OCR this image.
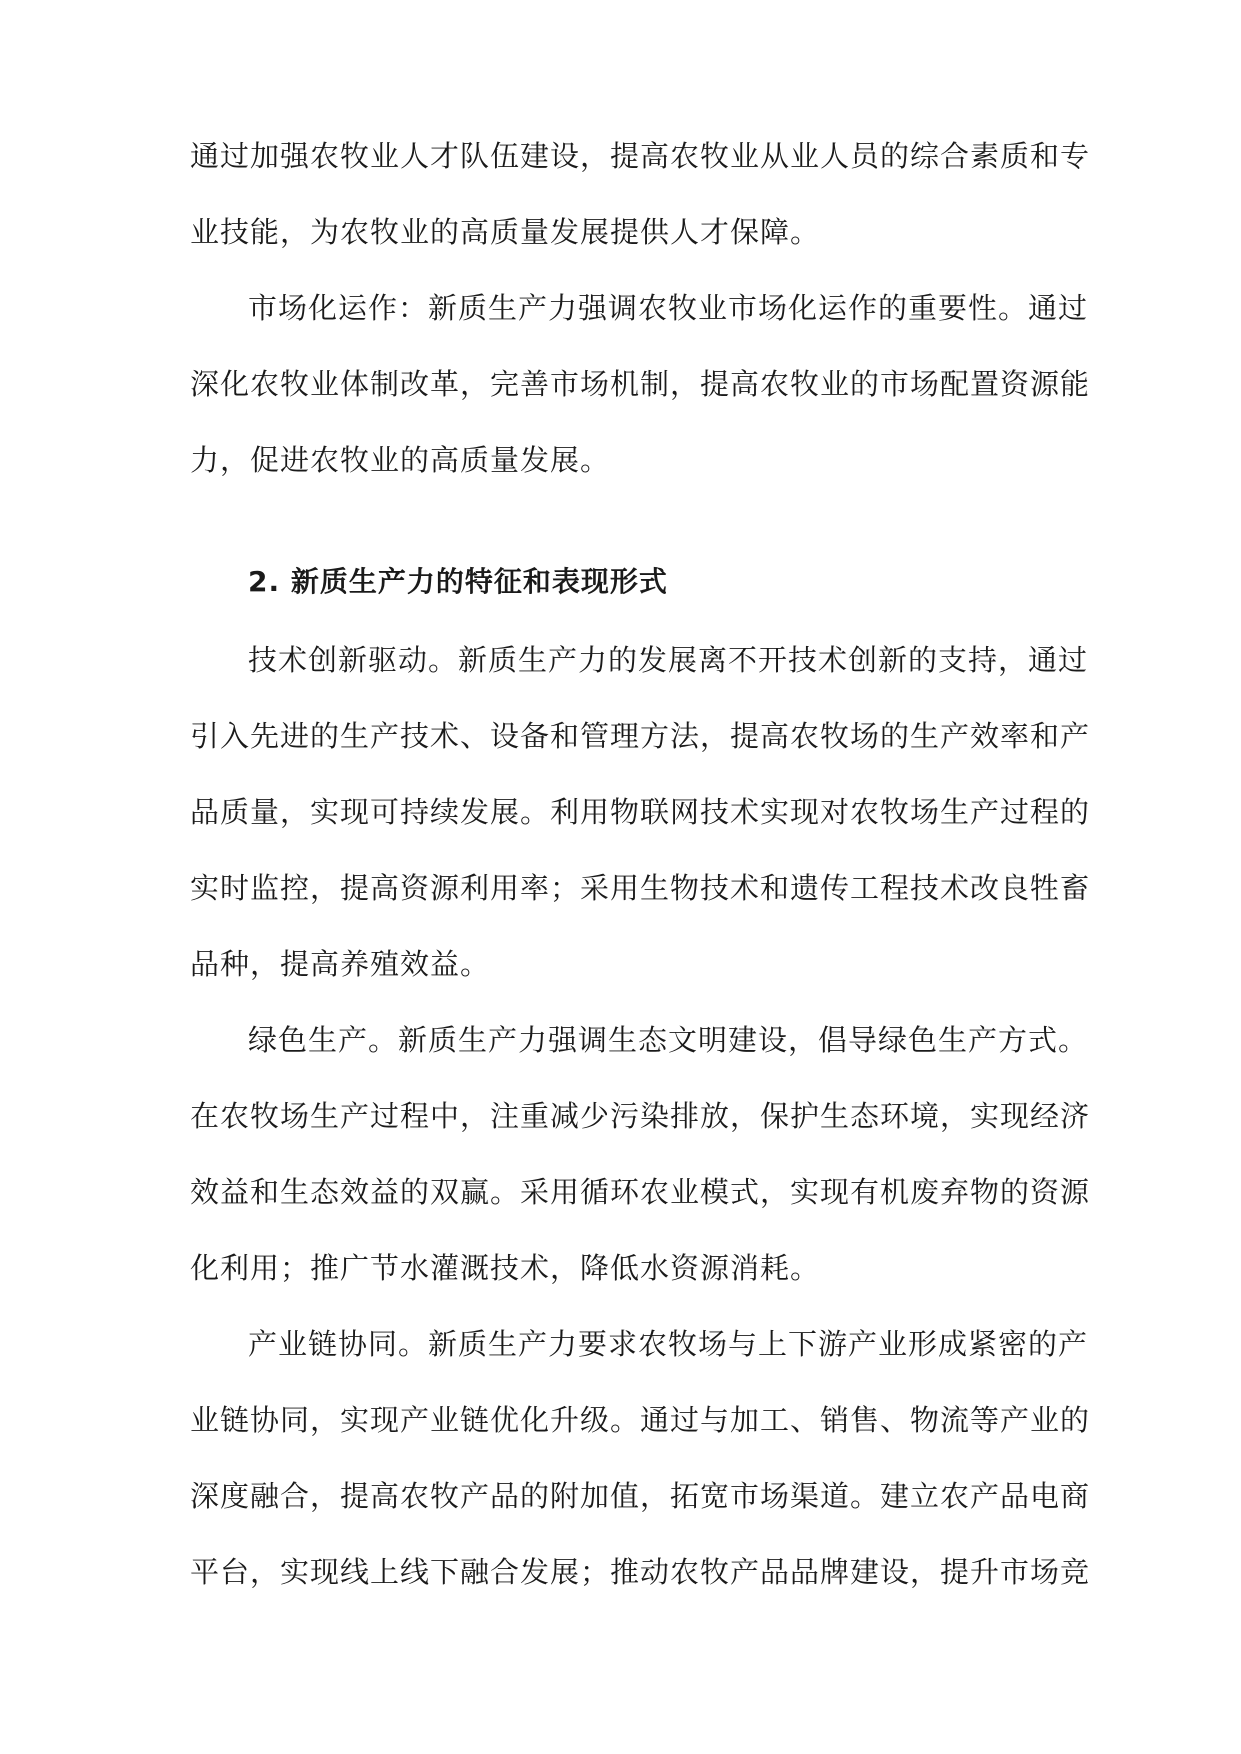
通过加强农牧业人才队伍建设，提高农牧业从业人员的综合素质和专
业技能，为农牧业的高质量发展提供人才保障。
市场化运作：新质生产力强调农牧业市场化运作的重要性。通过
深化农牧业体制改革，完善市场机制，提高农牧业的市场配置资源能
力，促进农牧业的高质量发展。
2. 新质生产力的特征和表现形式
技术创新驱动。新质生产力的发展离不开技术创新的支持，通过
引入先进的生产技术、设备和管理方法，提高农牧场的生产效率和产
品质量，实现可持续发展。利用物联网技术实现对农牧场生产过程的
实时监控，提高资源利用率；采用生物技术和遗传工程技术改良牲畜
品种，提高养殖效益。
绿色生产。新质生产力强调生态文明建设，倡导绿色生产方式。
在农牧场生产过程中，注重减少污染排放，保护生态环境，实现经济
效益和生态效益的双赢。采用循环农业模式，实现有机废弃物的资源
化利用；推广节水灌溉技术，降低水资源消耗。
产业链协同。新质生产力要求农牧场与上下游产业形成紧密的产
业链协同，实现产业链优化升级。通过与加工、销售、物流等产业的
深度融合，提高农牧产品的附加值，拓宽市场渠道。建立农产品电商
平台，实现线上线下融合发展；推动农牧产品品牌建设，提升市场竞
